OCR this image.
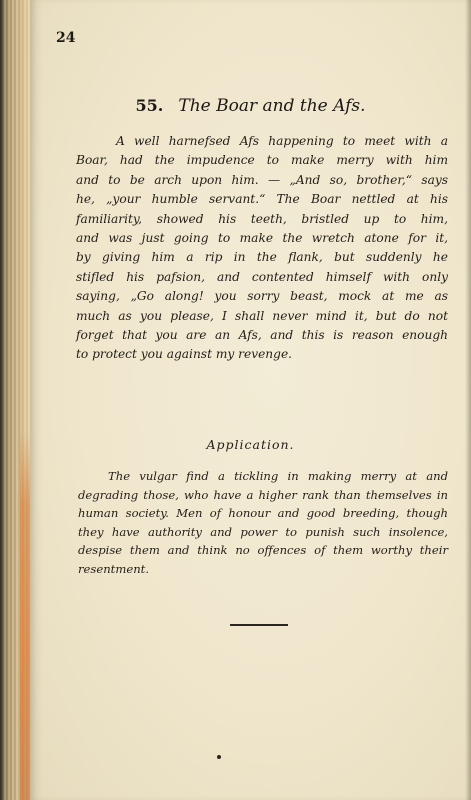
24
55. The Boar and the Afs.
A well harnefsed Afs happening to meet with a
Boar, had the impudence to make merry with him
and to be arch upon him. — „And so, brother,“ says
he, „your humble servant.“ The Boar nettled at his
familiarity, showed his teeth, bristled up to him,
and was just going to make the wretch atone for it,
by giving him a rip in the flank, but suddenly he
stifled his pafsion, and contented himself with only
saying, „Go along! you sorry beast, mock at me as
much as you please, I shall never mind it, but do not
forget that you are an Afs, and this is reason enough
to protect you against my revenge.
Application.
The vulgar find a tickling in making merry at and
degrading those, who have a higher rank than themselves in
human society. Men of honour and good breeding, though
they have authority and power to punish such insolence,
despise them and think no offences of them worthy their
resentment.
